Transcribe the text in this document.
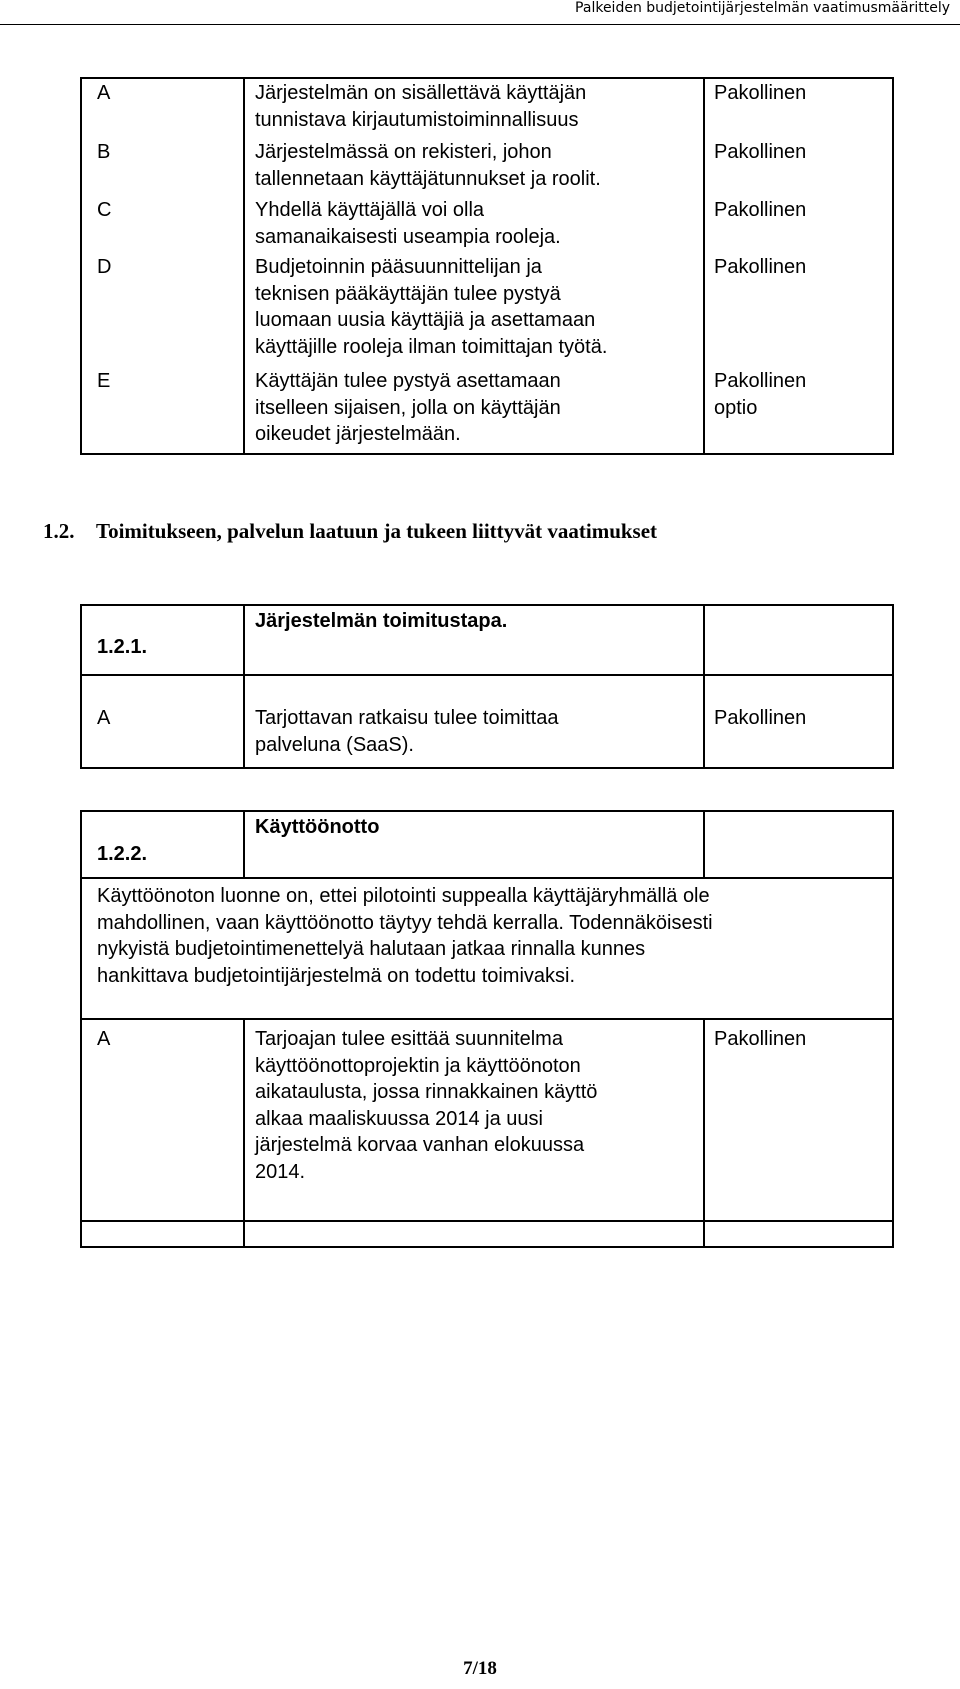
Palkeiden budjetointijärjestelmän vaatimusmäärittely
A	Järjestelmän on sisällettävä käyttäjän
tunnistava kirjautumistoiminnallisuus
Pakollinen
B	Järjestelmässä on rekisteri, johon
tallennetaan käyttäjätunnukset ja roolit.
Pakollinen
C	Yhdellä käyttäjällä voi olla
samanaikaisesti useampia rooleja.
Pakollinen
D	Budjetoinnin pääsuunnittelijan ja
teknisen pääkäyttäjän tulee pystyä
luomaan uusia käyttäjiä ja asettamaan
käyttäjille rooleja ilman toimittajan työtä.
Pakollinen
E	Käyttäjän tulee pystyä asettamaan
itselleen sijaisen, jolla on käyttäjän
oikeudet järjestelmään.
Pakollinen
optio
1.2. Toimitukseen, palvelun laatuun ja tukeen liittyvät vaatimukset
1.2.1.
Järjestelmän toimitustapa.
A	Tarjottavan ratkaisu tulee toimittaa
palveluna (SaaS).
Pakollinen
1.2.2.
Käyttöönotto
Käyttöönoton luonne on, ettei pilotointi suppealla käyttäjäryhmällä ole
mahdollinen, vaan käyttöönotto täytyy tehdä kerralla. Todennäköisesti
nykyistä budjetointimenettelyä halutaan jatkaa rinnalla kunnes
hankittava budjetointijärjestelmä on todettu toimivaksi.
A	Tarjoajan tulee esittää suunnitelma
käyttöönottoprojektin ja käyttöönoton
aikataulusta, jossa rinnakkainen käyttö
alkaa maaliskuussa 2014 ja uusi
järjestelmä korvaa vanhan elokuussa
2014.
Pakollinen
7/18
